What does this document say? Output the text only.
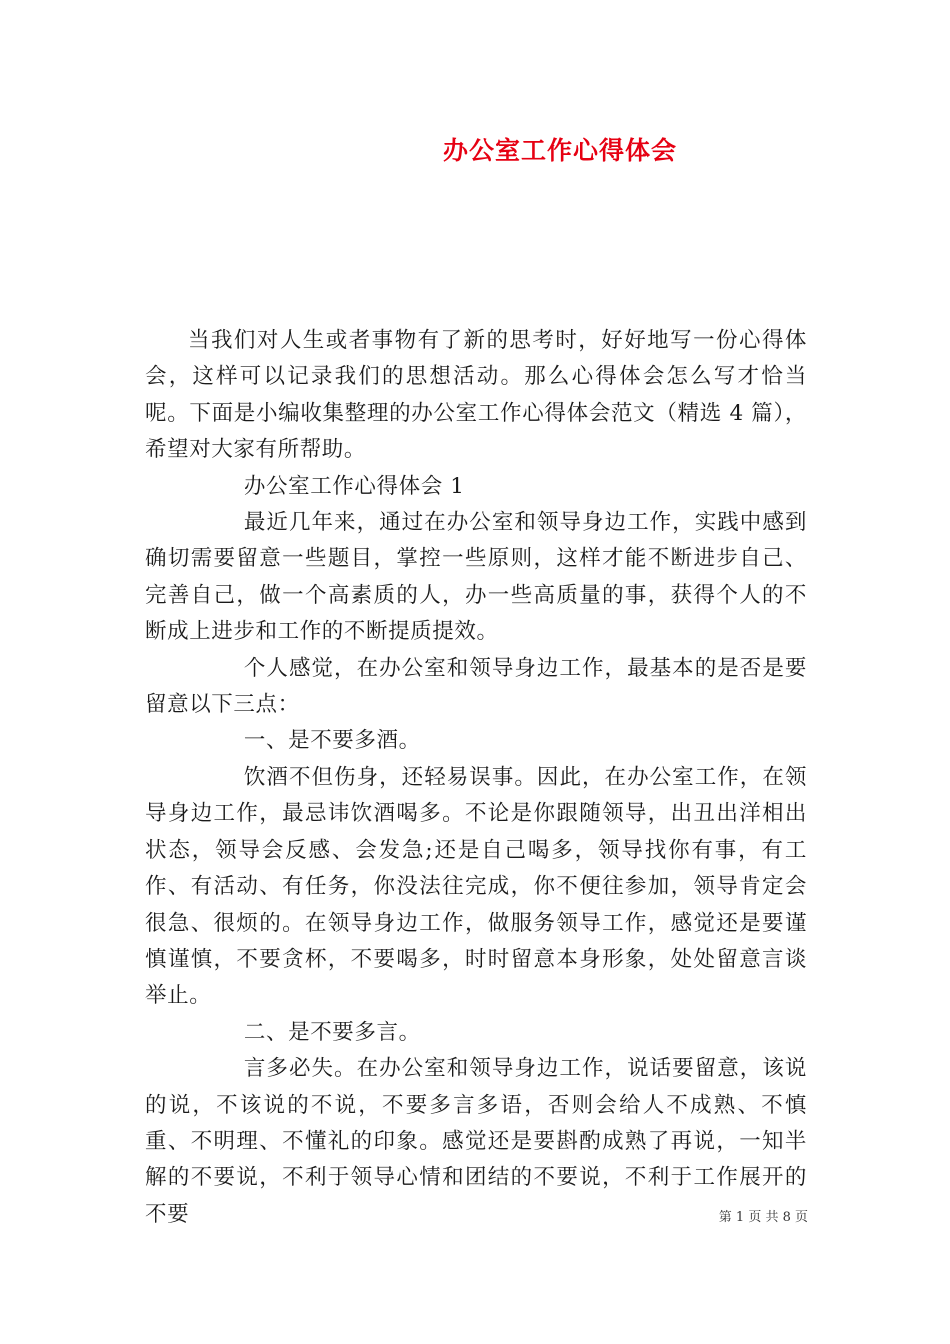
办公室工作心得体会

当我们对人生或者事物有了新的思考时，好好地写一份心得体会，这样可以记录我们的思想活动。那么心得体会怎么写才恰当呢。下面是小编收集整理的办公室工作心得体会范文（精选 4 篇），希望对大家有所帮助。

办公室工作心得体会 1

最近几年来，通过在办公室和领导身边工作，实践中感到确切需要留意一些题目，掌控一些原则，这样才能不断进步自己、完善自己，做一个高素质的人，办一些高质量的事，获得个人的不断成上进步和工作的不断提质提效。

个人感觉，在办公室和领导身边工作，最基本的是否是要留意以下三点：

一、是不要多酒。

饮酒不但伤身，还轻易误事。因此，在办公室工作，在领导身边工作，最忌讳饮酒喝多。不论是你跟随领导，出丑出洋相出状态，领导会反感、会发急;还是自己喝多，领导找你有事，有工作、有活动、有任务，你没法往完成，你不便往参加，领导肯定会很急、很烦的。在领导身边工作，做服务领导工作，感觉还是要谨慎谨慎，不要贪杯，不要喝多，时时留意本身形象，处处留意言谈举止。

二、是不要多言。

言多必失。在办公室和领导身边工作，说话要留意，该说的说，不该说的不说，不要多言多语，否则会给人不成熟、不慎重、不明理、不懂礼的印象。感觉还是要斟酌成熟了再说，一知半解的不要说，不利于领导心情和团结的不要说，不利于工作展开的不要	第 1 页 共 8 页
